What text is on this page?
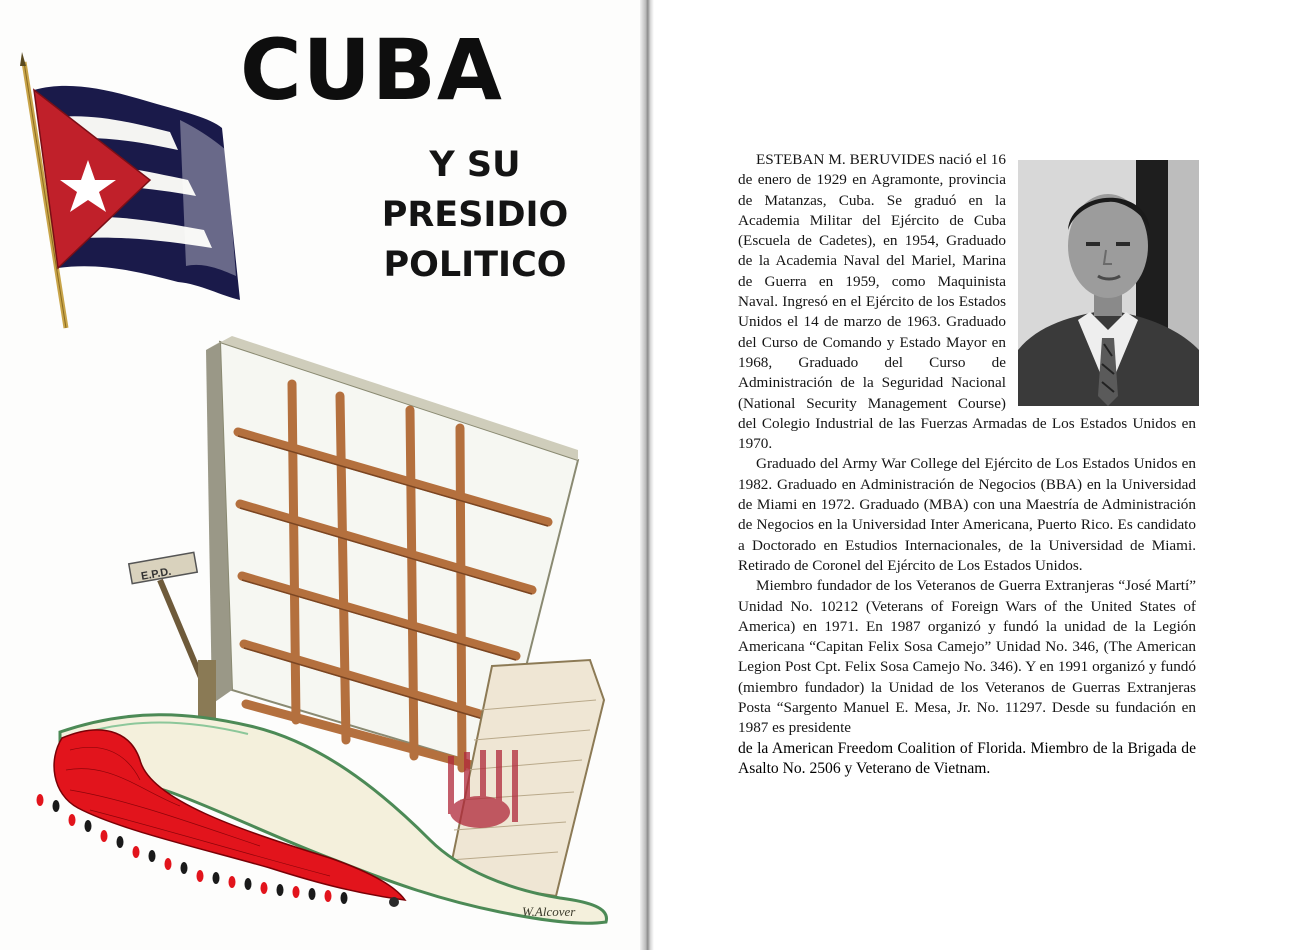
E.P.D.
W.Alcover
CUBA
Y SU
PRESIDIO
POLITICO

ESTEBAN M. BERUVIDES nació el 16 de enero de 1929 en Agramonte, provincia de Matanzas, Cuba. Se graduó en la Academia Militar del Ejército de Cuba (Escuela de Cadetes), en 1954, Graduado de la Academia Naval del Mariel, Marina de Guerra en 1959, como Maquinista Naval. Ingresó en el Ejército de los Estados Unidos el 14 de marzo de 1963. Graduado del Curso de Comando y Estado Mayor en 1968, Graduado del Curso de Administración de la Seguridad Nacional (National Security Management Course) del Colegio Industrial de las Fuerzas Armadas de Los Estados Unidos en 1970.

Graduado del Army War College del Ejército de Los Estados Unidos en 1982. Graduado en Administración de Negocios (BBA) en la Universidad de Miami en 1972. Graduado (MBA) con una Maestría de Administración de Negocios en la Universidad Inter Americana, Puerto Rico. Es candidato a Doctorado en Estudios Internacionales, de la Universidad de Miami. Retirado de Coronel del Ejército de Los Estados Unidos.

Miembro fundador de los Veteranos de Guerra Extranjeras “José Martí” Unidad No. 10212 (Veterans of Foreign Wars of the United States of America) en 1971. En 1987 organizó y fundó la unidad de la Legión Americana “Capitan Felix Sosa Camejo” Unidad No. 346, (The American Legion Post Cpt. Felix Sosa Camejo No. 346). Y en 1991 organizó y fundó (miembro fundador) la Unidad de los Veteranos de Guerras Extranjeras Posta “Sargento Manuel E. Mesa, Jr. No. 11297. Desde su fundación en 1987 es presidente

de la American Freedom Coalition of Florida. Miembro de la Brigada de Asalto No. 2506 y Veterano de Vietnam.
